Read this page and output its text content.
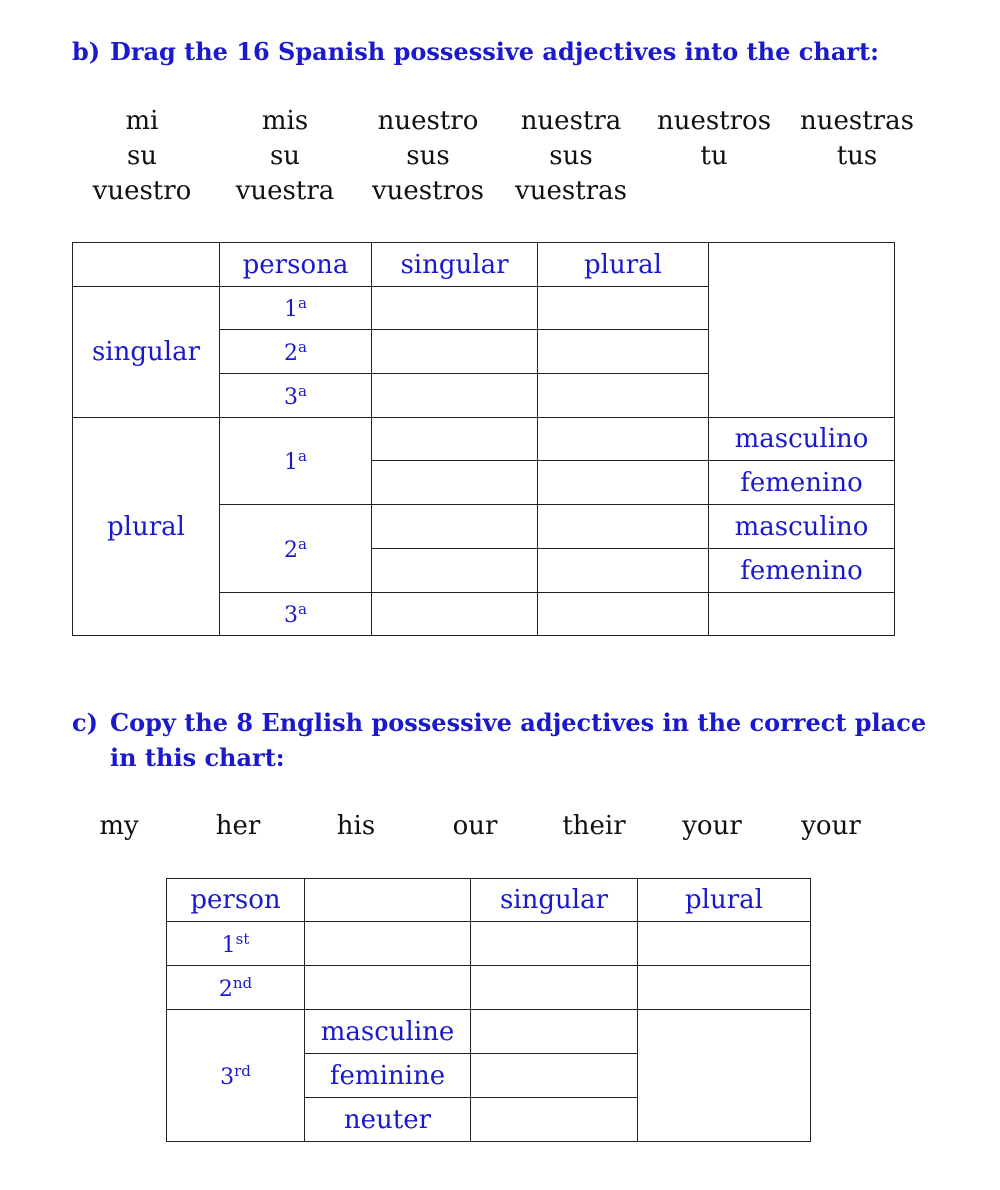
b) Drag the 16 Spanish possessive adjectives into the chart:
mi	mis	nuestro	nuestra	nuestros	nuestras
su	su	sus	sus	tu	tus
vuestro	vuestra	vuestros	vuestras
	persona	singular	plural	
singular	1$^a$		
	2$^a$		
	3$^a$		
plural	1$^a$			masculino
				femenino
	2$^a$			masculino
				femenino
	3$^a$			
c) Copy the 8 English possessive adjectives in the correct place in this chart:
my	her	his	our	their	your	your
person		singular	plural
1st			
2nd			
3rd	masculine		
	feminine		
	neuter		
